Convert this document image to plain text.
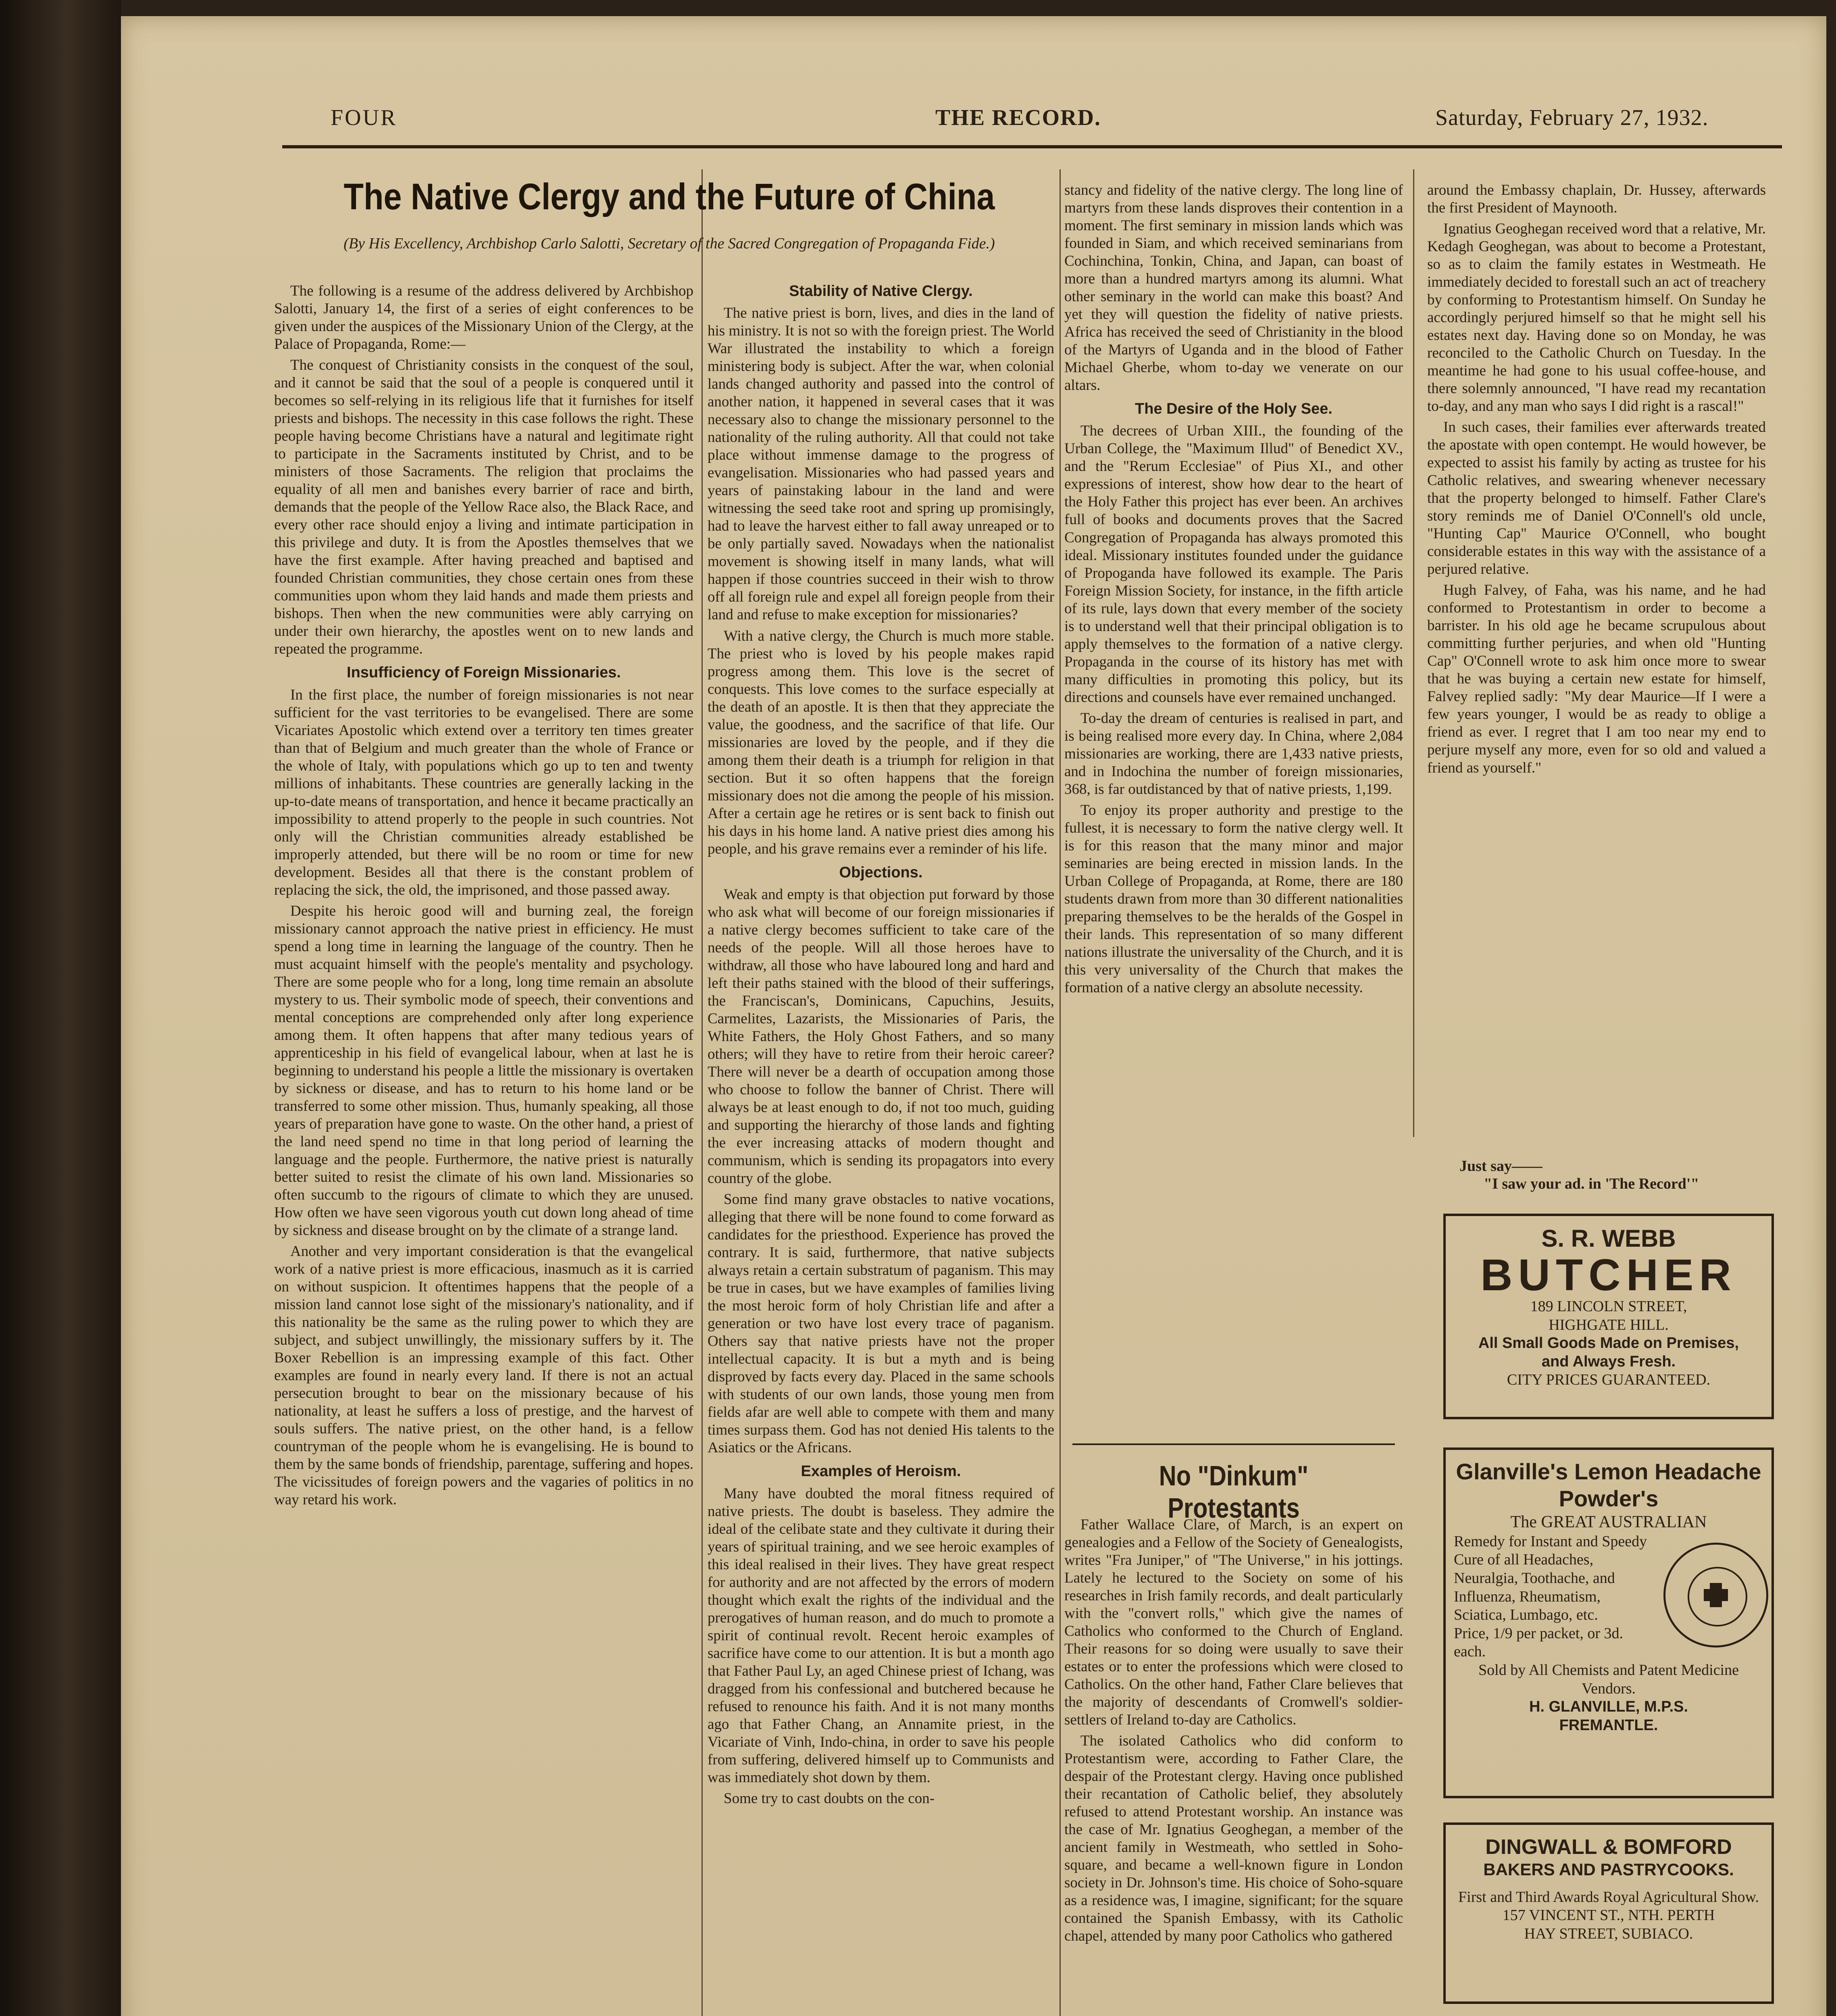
FOUR	THE RECORD.	Saturday, February 27, 1932.
The Native Clergy and the Future of China
(By His Excellency, Archbishop Carlo Salotti, Secretary of the Sacred Congregation of Propaganda Fide.)

The following is a resume of the address delivered by Archbishop Salotti, January 14, the first of a series of eight conferences to be given under the auspices of the Missionary Union of the Clergy, at the Palace of Propaganda, Rome:—

The conquest of Christianity consists in the conquest of the soul, and it cannot be said that the soul of a people is conquered until it becomes so self-relying in its religious life that it furnishes for itself priests and bishops. The necessity in this case follows the right. These people having become Christians have a natural and legitimate right to participate in the Sacraments instituted by Christ, and to be ministers of those Sacraments. The religion that proclaims the equality of all men and banishes every barrier of race and birth, demands that the people of the Yellow Race also, the Black Race, and every other race should enjoy a living and intimate participation in this privilege and duty. It is from the Apostles themselves that we have the first example. After having preached and baptised and founded Christian communities, they chose certain ones from these communities upon whom they laid hands and made them priests and bishops. Then when the new communities were ably carrying on under their own hierarchy, the apostles went on to new lands and repeated the programme.

Insufficiency of Foreign Missionaries.

In the first place, the number of foreign missionaries is not near sufficient for the vast territories to be evangelised. There are some Vicariates Apostolic which extend over a territory ten times greater than that of Belgium and much greater than the whole of France or the whole of Italy, with populations which go up to ten and twenty millions of inhabitants. These countries are generally lacking in the up-to-date means of transportation, and hence it became practically an impossibility to attend properly to the people in such countries. Not only will the Christian communities already established be improperly attended, but there will be no room or time for new development. Besides all that there is the constant problem of replacing the sick, the old, the imprisoned, and those passed away.

Despite his heroic good will and burning zeal, the foreign missionary cannot approach the native priest in efficiency. He must spend a long time in learning the language of the country. Then he must acquaint himself with the people's mentality and psychology. There are some people who for a long, long time remain an absolute mystery to us. Their symbolic mode of speech, their conventions and mental conceptions are comprehended only after long experience among them. It often happens that after many tedious years of apprenticeship in his field of evangelical labour, when at last he is beginning to understand his people a little the missionary is overtaken by sickness or disease, and has to return to his home land or be transferred to some other mission. Thus, humanly speaking, all those years of preparation have gone to waste. On the other hand, a priest of the land need spend no time in that long period of learning the language and the people. Furthermore, the native priest is naturally better suited to resist the climate of his own land. Missionaries so often succumb to the rigours of climate to which they are unused. How often we have seen vigorous youth cut down long ahead of time by sickness and disease brought on by the climate of a strange land.

Another and very important consideration is that the evangelical work of a native priest is more efficacious, inasmuch as it is carried on without suspicion. It oftentimes happens that the people of a mission land cannot lose sight of the missionary's nationality, and if this nationality be the same as the ruling power to which they are subject, and subject unwillingly, the missionary suffers by it. The Boxer Rebellion is an impressing example of this fact. Other examples are found in nearly every land. If there is not an actual persecution brought to bear on the missionary because of his nationality, at least he suffers a loss of prestige, and the harvest of souls suffers. The native priest, on the other hand, is a fellow countryman of the people whom he is evangelising. He is bound to them by the same bonds of friendship, parentage, suffering and hopes. The vicissitudes of foreign powers and the vagaries of politics in no way retard his work.

Stability of Native Clergy.

The native priest is born, lives, and dies in the land of his ministry. It is not so with the foreign priest. The World War illustrated the instability to which a foreign ministering body is subject. After the war, when colonial lands changed authority and passed into the control of another nation, it happened in several cases that it was necessary also to change the missionary personnel to the nationality of the ruling authority. All that could not take place without immense damage to the progress of evangelisation. Missionaries who had passed years and years of painstaking labour in the land and were witnessing the seed take root and spring up promisingly, had to leave the harvest either to fall away unreaped or to be only partially saved. Nowadays when the nationalist movement is showing itself in many lands, what will happen if those countries succeed in their wish to throw off all foreign rule and expel all foreign people from their land and refuse to make exception for missionaries?

With a native clergy, the Church is much more stable. The priest who is loved by his people makes rapid progress among them. This love is the secret of conquests. This love comes to the surface especially at the death of an apostle. It is then that they appreciate the value, the goodness, and the sacrifice of that life. Our missionaries are loved by the people, and if they die among them their death is a triumph for religion in that section. But it so often happens that the foreign missionary does not die among the people of his mission. After a certain age he retires or is sent back to finish out his days in his home land. A native priest dies among his people, and his grave remains ever a reminder of his life.

Objections.

Weak and empty is that objection put forward by those who ask what will become of our foreign missionaries if a native clergy becomes sufficient to take care of the needs of the people. Will all those heroes have to withdraw, all those who have laboured long and hard and left their paths stained with the blood of their sufferings, the Franciscan's, Dominicans, Capuchins, Jesuits, Carmelites, Lazarists, the Missionaries of Paris, the White Fathers, the Holy Ghost Fathers, and so many others; will they have to retire from their heroic career? There will never be a dearth of occupation among those who choose to follow the banner of Christ. There will always be at least enough to do, if not too much, guiding and supporting the hierarchy of those lands and fighting the ever increasing attacks of modern thought and communism, which is sending its propagators into every country of the globe.

Some find many grave obstacles to native vocations, alleging that there will be none found to come forward as candidates for the priesthood. Experience has proved the contrary. It is said, furthermore, that native subjects always retain a certain substratum of paganism. This may be true in cases, but we have examples of families living the most heroic form of holy Christian life and after a generation or two have lost every trace of paganism. Others say that native priests have not the proper intellectual capacity. It is but a myth and is being disproved by facts every day. Placed in the same schools with students of our own lands, those young men from fields afar are well able to compete with them and many times surpass them. God has not denied His talents to the Asiatics or the Africans.

Examples of Heroism.

Many have doubted the moral fitness required of native priests. The doubt is baseless. They admire the ideal of the celibate state and they cultivate it during their years of spiritual training, and we see heroic examples of this ideal realised in their lives. They have great respect for authority and are not affected by the errors of modern thought which exalt the rights of the individual and the prerogatives of human reason, and do much to promote a spirit of continual revolt. Recent heroic examples of sacrifice have come to our attention. It is but a month ago that Father Paul Ly, an aged Chinese priest of Ichang, was dragged from his confessional and butchered because he refused to renounce his faith. And it is not many months ago that Father Chang, an Annamite priest, in the Vicariate of Vinh, Indo-china, in order to save his people from suffering, delivered himself up to Communists and was immediately shot down by them.

Some try to cast doubts on the con-

stancy and fidelity of the native clergy. The long line of martyrs from these lands disproves their contention in a moment. The first seminary in mission lands which was founded in Siam, and which received seminarians from Cochinchina, Tonkin, China, and Japan, can boast of more than a hundred martyrs among its alumni. What other seminary in the world can make this boast? And yet they will question the fidelity of native priests. Africa has received the seed of Christianity in the blood of the Martyrs of Uganda and in the blood of Father Michael Gherbe, whom to-day we venerate on our altars.

The Desire of the Holy See.

The decrees of Urban XIII., the founding of the Urban College, the "Maximum Illud" of Benedict XV., and the "Rerum Ecclesiae" of Pius XI., and other expressions of interest, show how dear to the heart of the Holy Father this project has ever been. An archives full of books and documents proves that the Sacred Congregation of Propaganda has always promoted this ideal. Missionary institutes founded under the guidance of Propoganda have followed its example. The Paris Foreign Mission Society, for instance, in the fifth article of its rule, lays down that every member of the society is to understand well that their principal obligation is to apply themselves to the formation of a native clergy. Propaganda in the course of its history has met with many difficulties in promoting this policy, but its directions and counsels have ever remained unchanged.

To-day the dream of centuries is realised in part, and is being realised more every day. In China, where 2,084 missionaries are working, there are 1,433 native priests, and in Indochina the number of foreign missionaries, 368, is far outdistanced by that of native priests, 1,199.

To enjoy its proper authority and prestige to the fullest, it is necessary to form the native clergy well. It is for this reason that the many minor and major seminaries are being erected in mission lands. In the Urban College of Propaganda, at Rome, there are 180 students drawn from more than 30 different nationalities preparing themselves to be the heralds of the Gospel in their lands. This representation of so many different nations illustrate the universality of the Church, and it is this very universality of the Church that makes the formation of a native clergy an absolute necessity.

No "Dinkum" Protestants

Father Wallace Clare, of March, is an expert on genealogies and a Fellow of the Society of Genealogists, writes "Fra Juniper," of "The Universe," in his jottings. Lately he lectured to the Society on some of his researches in Irish family records, and dealt particularly with the "convert rolls," which give the names of Catholics who conformed to the Church of England. Their reasons for so doing were usually to save their estates or to enter the professions which were closed to Catholics. On the other hand, Father Clare believes that the majority of descendants of Cromwell's soldier-settlers of Ireland to-day are Catholics.

The isolated Catholics who did conform to Protestantism were, according to Father Clare, the despair of the Protestant clergy. Having once published their recantation of Catholic belief, they absolutely refused to attend Protestant worship. An instance was the case of Mr. Ignatius Geoghegan, a member of the ancient family in Westmeath, who settled in Soho-square, and became a well-known figure in London society in Dr. Johnson's time. His choice of Soho-square as a residence was, I imagine, significant; for the square contained the Spanish Embassy, with its Catholic chapel, attended by many poor Catholics who gathered

around the Embassy chaplain, Dr. Hussey, afterwards the first President of Maynooth.

Ignatius Geoghegan received word that a relative, Mr. Kedagh Geoghegan, was about to become a Protestant, so as to claim the family estates in Westmeath. He immediately decided to forestall such an act of treachery by conforming to Protestantism himself. On Sunday he accordingly perjured himself so that he might sell his estates next day. Having done so on Monday, he was reconciled to the Catholic Church on Tuesday. In the meantime he had gone to his usual coffee-house, and there solemnly announced, "I have read my recantation to-day, and any man who says I did right is a rascal!"

In such cases, their families ever afterwards treated the apostate with open contempt. He would however, be expected to assist his family by acting as trustee for his Catholic relatives, and swearing whenever necessary that the property belonged to himself. Father Clare's story reminds me of Daniel O'Connell's old uncle, "Hunting Cap" Maurice O'Connell, who bought considerable estates in this way with the assistance of a perjured relative.

Hugh Falvey, of Faha, was his name, and he had conformed to Protestantism in order to become a barrister. In his old age he became scrupulous about committing further perjuries, and when old "Hunting Cap" O'Connell wrote to ask him once more to swear that he was buying a certain new estate for himself, Falvey replied sadly: "My dear Maurice—If I were a few years younger, I would be as ready to oblige a friend as ever. I regret that I am too near my end to perjure myself any more, even for so old and valued a friend as yourself."

Just say——
"I saw your ad. in 'The Record'"
S. R. WEBB
BUTCHER
189 LINCOLN STREET,
HIGHGATE HILL.
All Small Goods Made on Premises,
and Always Fresh.
CITY PRICES GUARANTEED.
Glanville's Lemon Headache Powder's
The GREAT AUSTRALIAN
Remedy for Instant and Speedy Cure of all Headaches, Neuralgia, Toothache, and Influenza, Rheumatism, Sciatica, Lumbago, etc.
Price, 1/9 per packet, or 3d. each.
Sold by All Chemists and Patent Medicine Vendors.
H. GLANVILLE, M.P.S.
FREMANTLE.
DINGWALL & BOMFORD
BAKERS AND PASTRYCOOKS.
First and Third Awards Royal Agricultural Show.
157 VINCENT ST., NTH. PERTH
HAY STREET, SUBIACO.
